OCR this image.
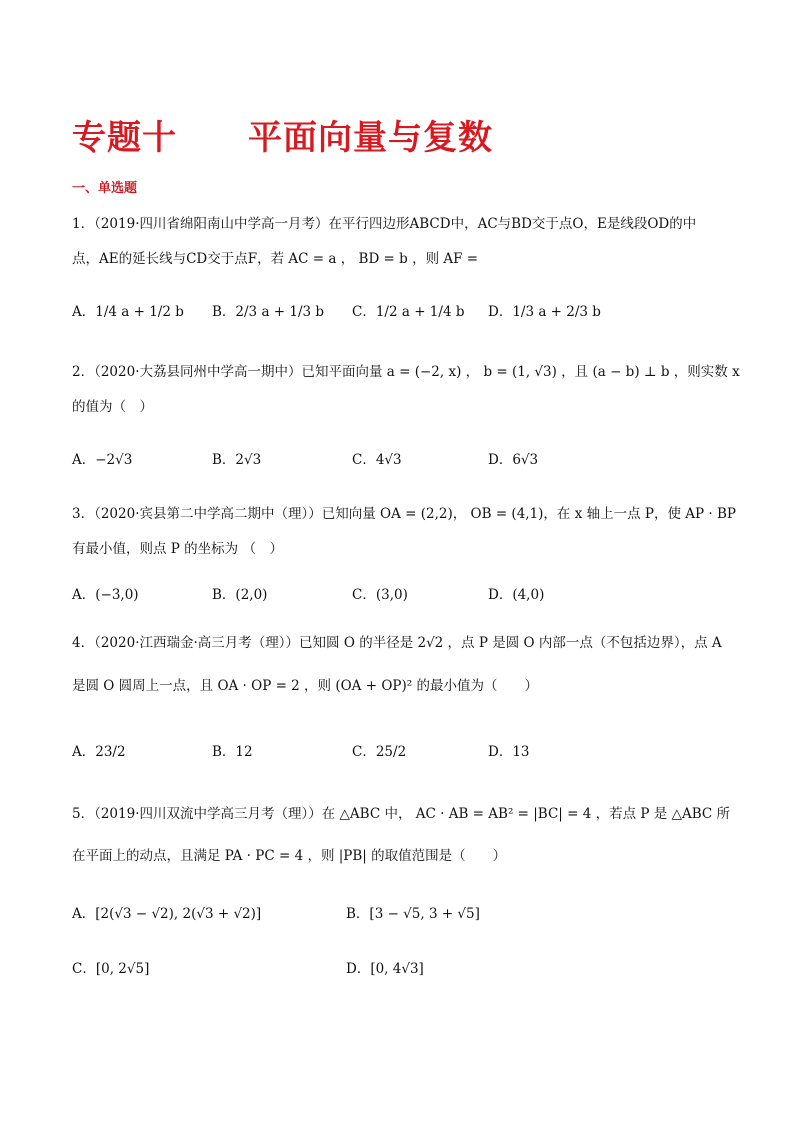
专题十 平面向量与复数
一、单选题
1．（2019·四川省绵阳南山中学高一月考）在平行四边形ABCD中，AC与BD交于点O，E是线段OD的中
点，AE的延长线与CD交于点F，若 AC = a ， BD = b ，则 AF =
A．1/4 a + 1/2 b B．2/3 a + 1/3 b C．1/2 a + 1/4 b D．1/3 a + 2/3 b
2．（2020·大荔县同州中学高一期中）已知平面向量 a = (−2, x) ， b = (1, √3) ，且 (a − b) ⊥ b ，则实数 x
的值为（　）
A．−2√3	B．2√3	C．4√3	D．6√3
3．（2020·宾县第二中学高二期中（理））已知向量 OA = (2,2)， OB = (4,1)，在 x 轴上一点 P，使 AP · BP
有最小值，则点 P 的坐标为 （　）
A．(−3,0)	B．(2,0)	C．(3,0)	D．(4,0)
4．（2020·江西瑞金·高三月考（理））已知圆 O 的半径是 2√2 ，点 P 是圆 O 内部一点（不包括边界），点 A
是圆 O 圆周上一点，且 OA · OP = 2 ，则 (OA + OP)² 的最小值为（　　）
A．23/2	B．12	C．25/2	D．13
5．（2019·四川双流中学高三月考（理））在 △ABC 中， AC · AB = AB² = |BC| = 4 ，若点 P 是 △ABC 所
在平面上的动点，且满足 PA · PC = 4 ，则 |PB| 的取值范围是（　　）
A．[2(√3 − √2), 2(√3 + √2)]	B．[3 − √5, 3 + √5]
C．[0, 2√5]	D．[0, 4√3]
